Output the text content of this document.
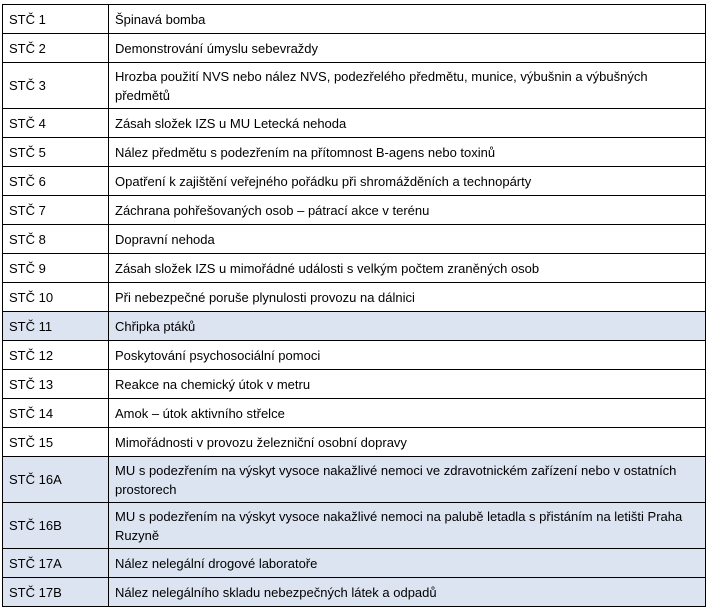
STČ 1	Špinavá bomba
STČ 2	Demonstrování úmyslu sebevraždy
STČ 3	Hrozba použití NVS nebo nález NVS, podezřelého předmětu, munice, výbušnin a výbušných předmětů
STČ 4	Zásah složek IZS u MU Letecká nehoda
STČ 5	Nález předmětu s podezřením na přítomnost B-agens nebo toxinů
STČ 6	Opatření k zajištění veřejného pořádku při shromážděních a technopárty
STČ 7	Záchrana pohřešovaných osob – pátrací akce v terénu
STČ 8	Dopravní nehoda
STČ 9	Zásah složek IZS u mimořádné události s velkým počtem zraněných osob
STČ 10	Při nebezpečné poruše plynulosti provozu na dálnici
STČ 11	Chřipka ptáků
STČ 12	Poskytování psychosociální pomoci
STČ 13	Reakce na chemický útok v metru
STČ 14	Amok – útok aktivního střelce
STČ 15	Mimořádnosti v provozu železniční osobní dopravy
STČ 16A	MU s podezřením na výskyt vysoce nakažlivé nemoci ve zdravotnickém zařízení nebo v ostatních prostorech
STČ 16B	MU s podezřením na výskyt vysoce nakažlivé nemoci na palubě letadla s přistáním na letišti Praha Ruzyně
STČ 17A	Nález nelegální drogové laboratoře
STČ 17B	Nález nelegálního skladu nebezpečných látek a odpadů
